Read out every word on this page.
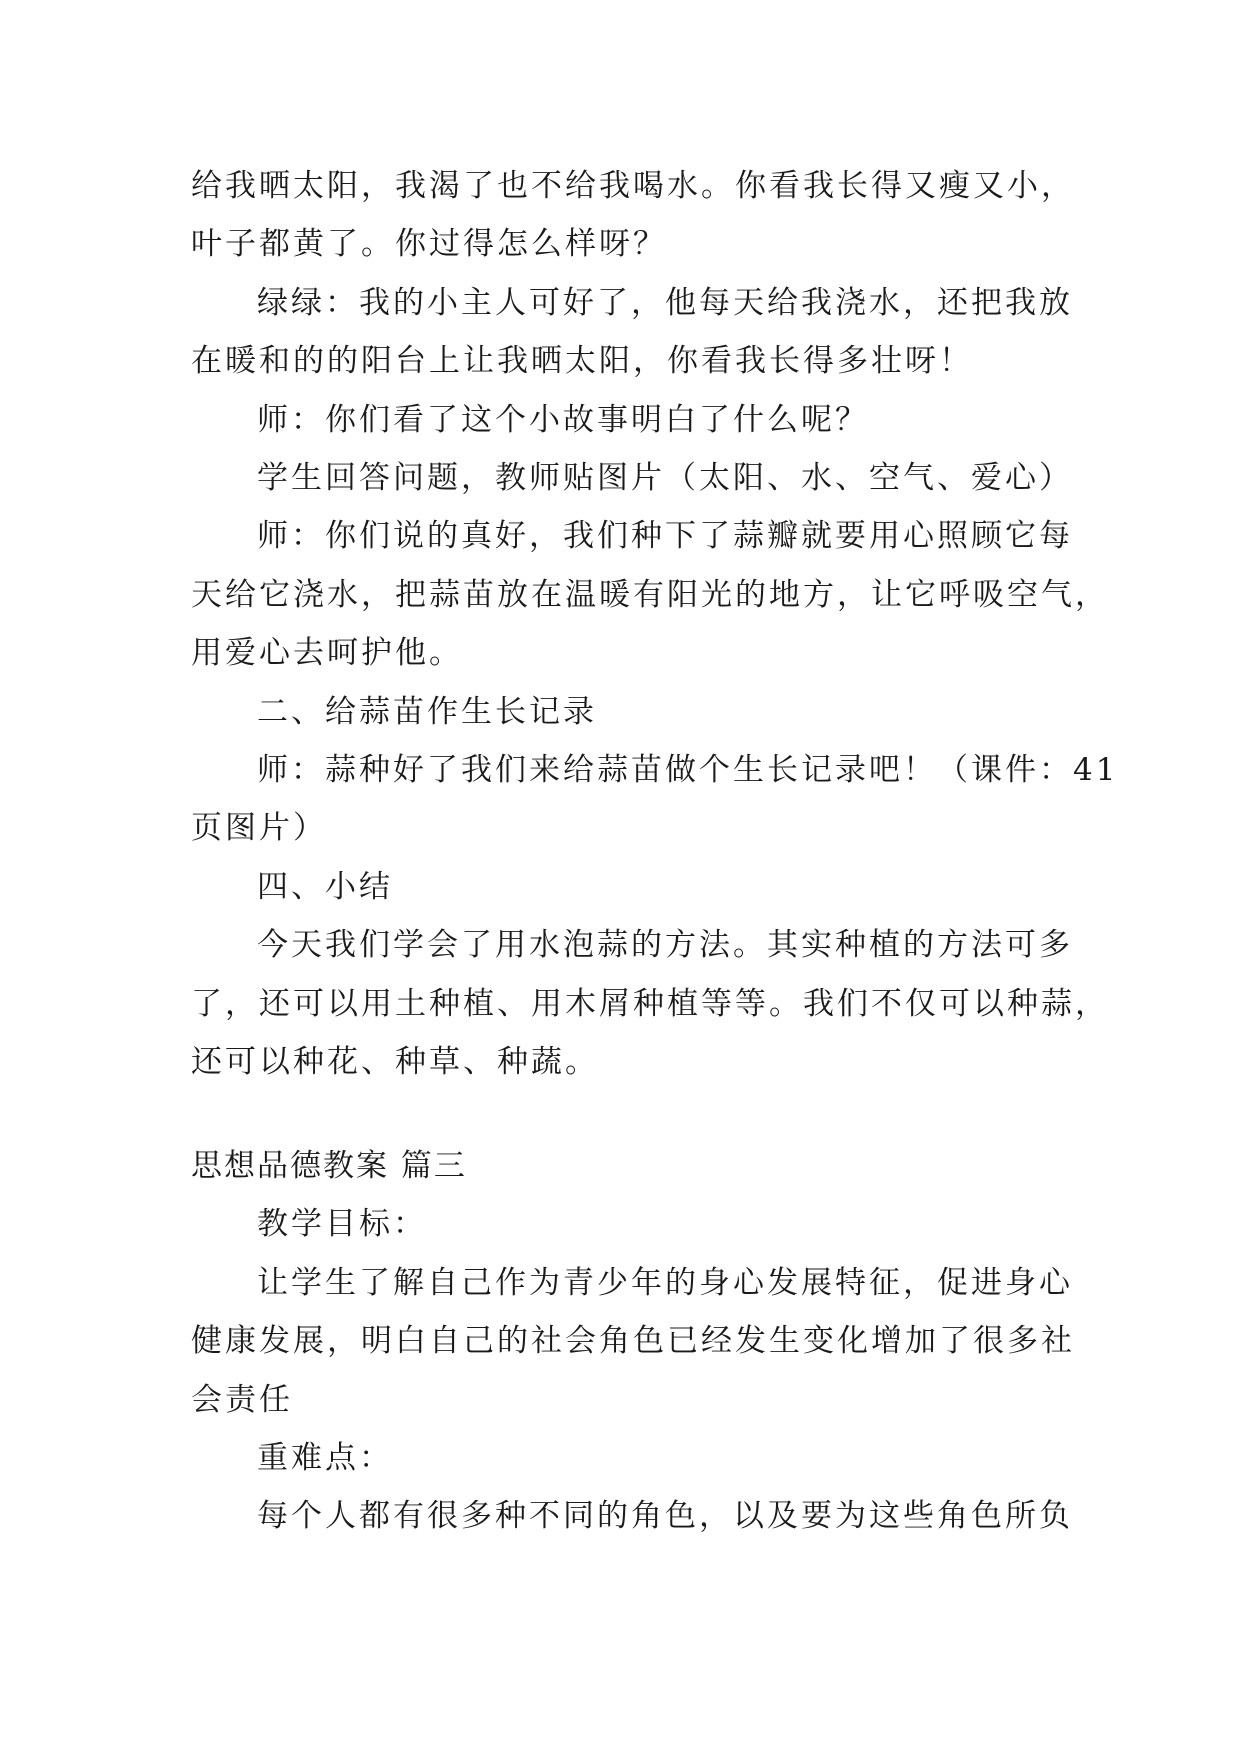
给我晒太阳，我渴了也不给我喝水。你看我长得又瘦又小，
叶子都黄了。你过得怎么样呀？
绿绿：我的小主人可好了，他每天给我浇水，还把我放
在暖和的的阳台上让我晒太阳，你看我长得多壮呀！
师：你们看了这个小故事明白了什么呢？
学生回答问题，教师贴图片（太阳、水、空气、爱心）
师：你们说的真好，我们种下了蒜瓣就要用心照顾它每
天给它浇水，把蒜苗放在温暖有阳光的地方，让它呼吸空气，
用爱心去呵护他。
二、给蒜苗作生长记录
师：蒜种好了我们来给蒜苗做个生长记录吧！（课件：41
页图片）
四、小结
今天我们学会了用水泡蒜的方法。其实种植的方法可多
了，还可以用土种植、用木屑种植等等。我们不仅可以种蒜，
还可以种花、种草、种蔬。
思想品德教案 篇三
教学目标：
让学生了解自己作为青少年的身心发展特征，促进身心
健康发展，明白自己的社会角色已经发生变化增加了很多社
会责任
重难点：
每个人都有很多种不同的角色，以及要为这些角色所负
